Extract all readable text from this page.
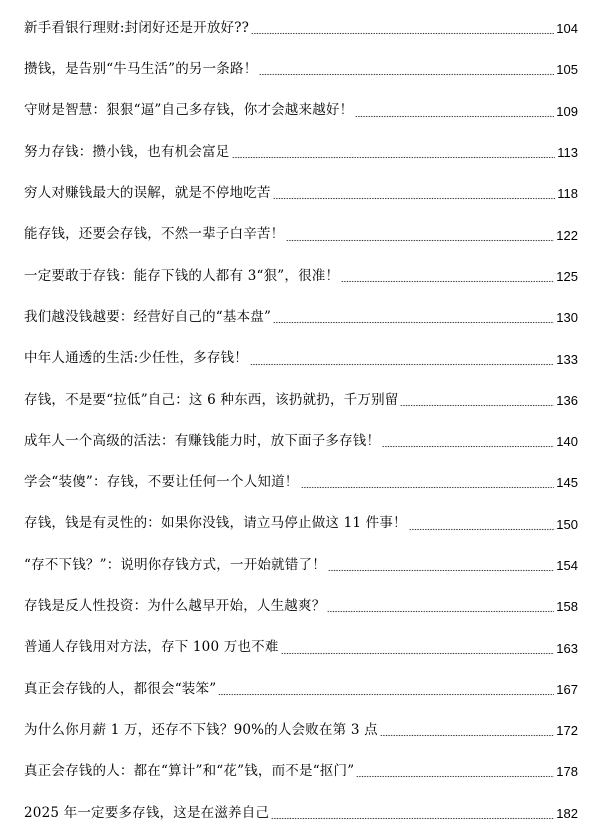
新手看银行理财:封闭好还是开放好??	104
攒钱，是告别“牛马生活”的另一条路！	105
守财是智慧：狠狠“逼”自己多存钱，你才会越来越好！	109
努力存钱：攒小钱，也有机会富足	113
穷人对赚钱最大的误解，就是不停地吃苦	118
能存钱，还要会存钱，不然一辈子白辛苦！	122
一定要敢于存钱：能存下钱的人都有 3“狠”，很准！	125
我们越没钱越要：经营好自己的“基本盘”	130
中年人通透的生活:少任性，多存钱！	133
存钱，不是要“拉低”自己：这 6 种东西，该扔就扔，千万别留	136
成年人一个高级的活法：有赚钱能力时，放下面子多存钱！	140
学会“装傻”：存钱，不要让任何一个人知道！	145
存钱，钱是有灵性的：如果你没钱，请立马停止做这 11 件事！	150
“存不下钱？”：说明你存钱方式，一开始就错了！	154
存钱是反人性投资：为什么越早开始，人生越爽？	158
普通人存钱用对方法，存下 100 万也不难	163
真正会存钱的人，都很会“装笨”	167
为什么你月薪 1 万，还存不下钱？90%的人会败在第 3 点	172
真正会存钱的人：都在“算计”和“花”钱，而不是“抠门”	178
2025 年一定要多存钱，这是在滋养自己	182
